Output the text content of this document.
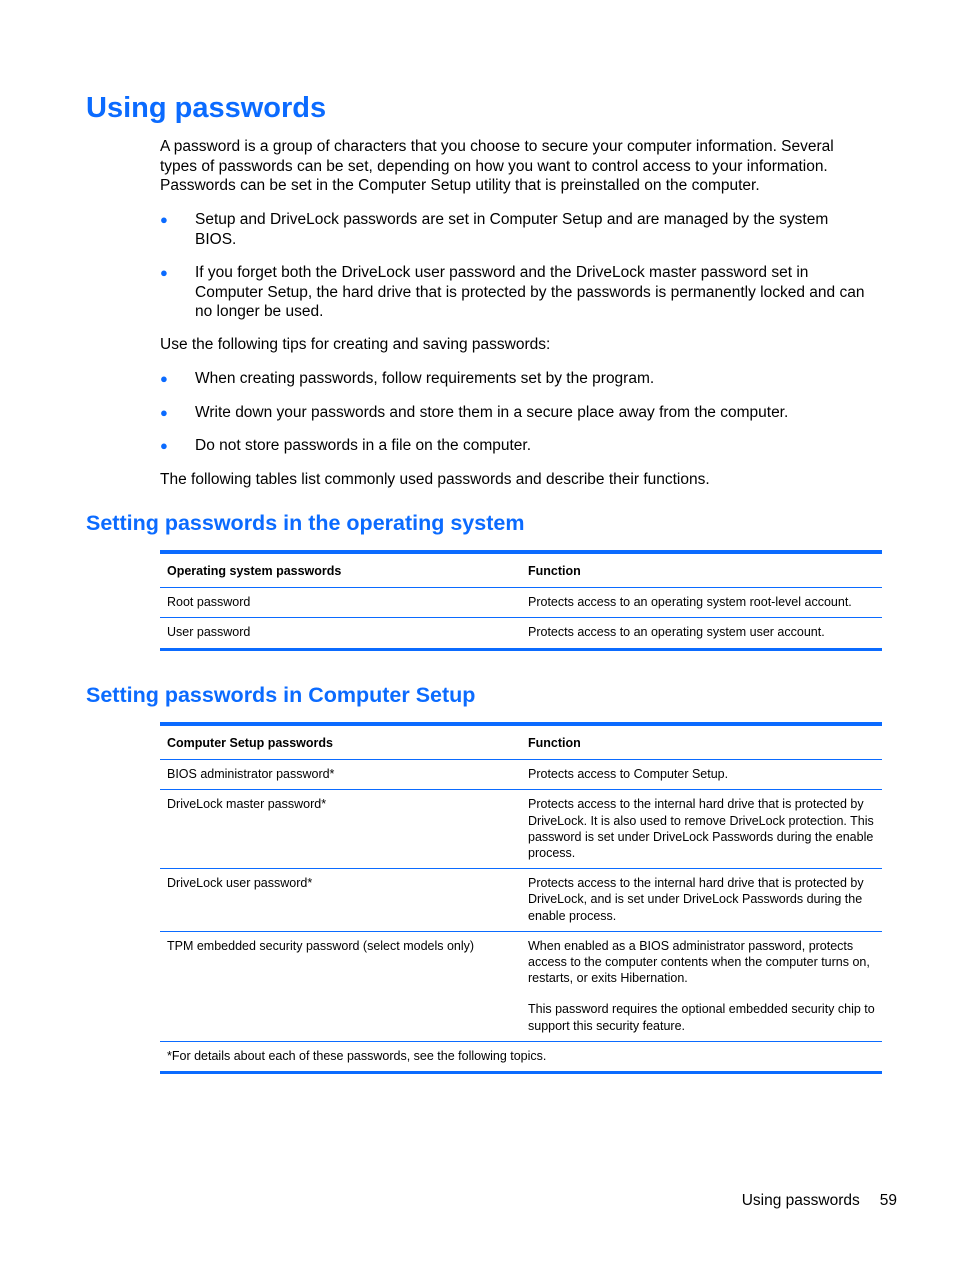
Using passwords

A password is a group of characters that you choose to secure your computer information. Several types of passwords can be set, depending on how you want to control access to your information. Passwords can be set in the Computer Setup utility that is preinstalled on the computer.

● Setup and DriveLock passwords are set in Computer Setup and are managed by the system BIOS.
● If you forget both the DriveLock user password and the DriveLock master password set in Computer Setup, the hard drive that is protected by the passwords is permanently locked and can no longer be used.

Use the following tips for creating and saving passwords:

● When creating passwords, follow requirements set by the program.
● Write down your passwords and store them in a secure place away from the computer.
● Do not store passwords in a file on the computer.

The following tables list commonly used passwords and describe their functions.

Setting passwords in the operating system
Operating system passwords	Function
Root password	Protects access to an operating system root-level account.
User password	Protects access to an operating system user account.
Setting passwords in Computer Setup
Computer Setup passwords	Function
BIOS administrator password*	Protects access to Computer Setup.
DriveLock master password*	Protects access to the internal hard drive that is protected by DriveLock. It is also used to remove DriveLock protection. This password is set under DriveLock Passwords during the enable process.
DriveLock user password*	Protects access to the internal hard drive that is protected by DriveLock, and is set under DriveLock Passwords during the enable process.
TPM embedded security password (select models only)	When enabled as a BIOS administrator password, protects access to the computer contents when the computer turns on, restarts, or exits Hibernation.
This password requires the optional embedded security chip to support this security feature.

*For details about each of these passwords, see the following topics.	
Using passwords 59
